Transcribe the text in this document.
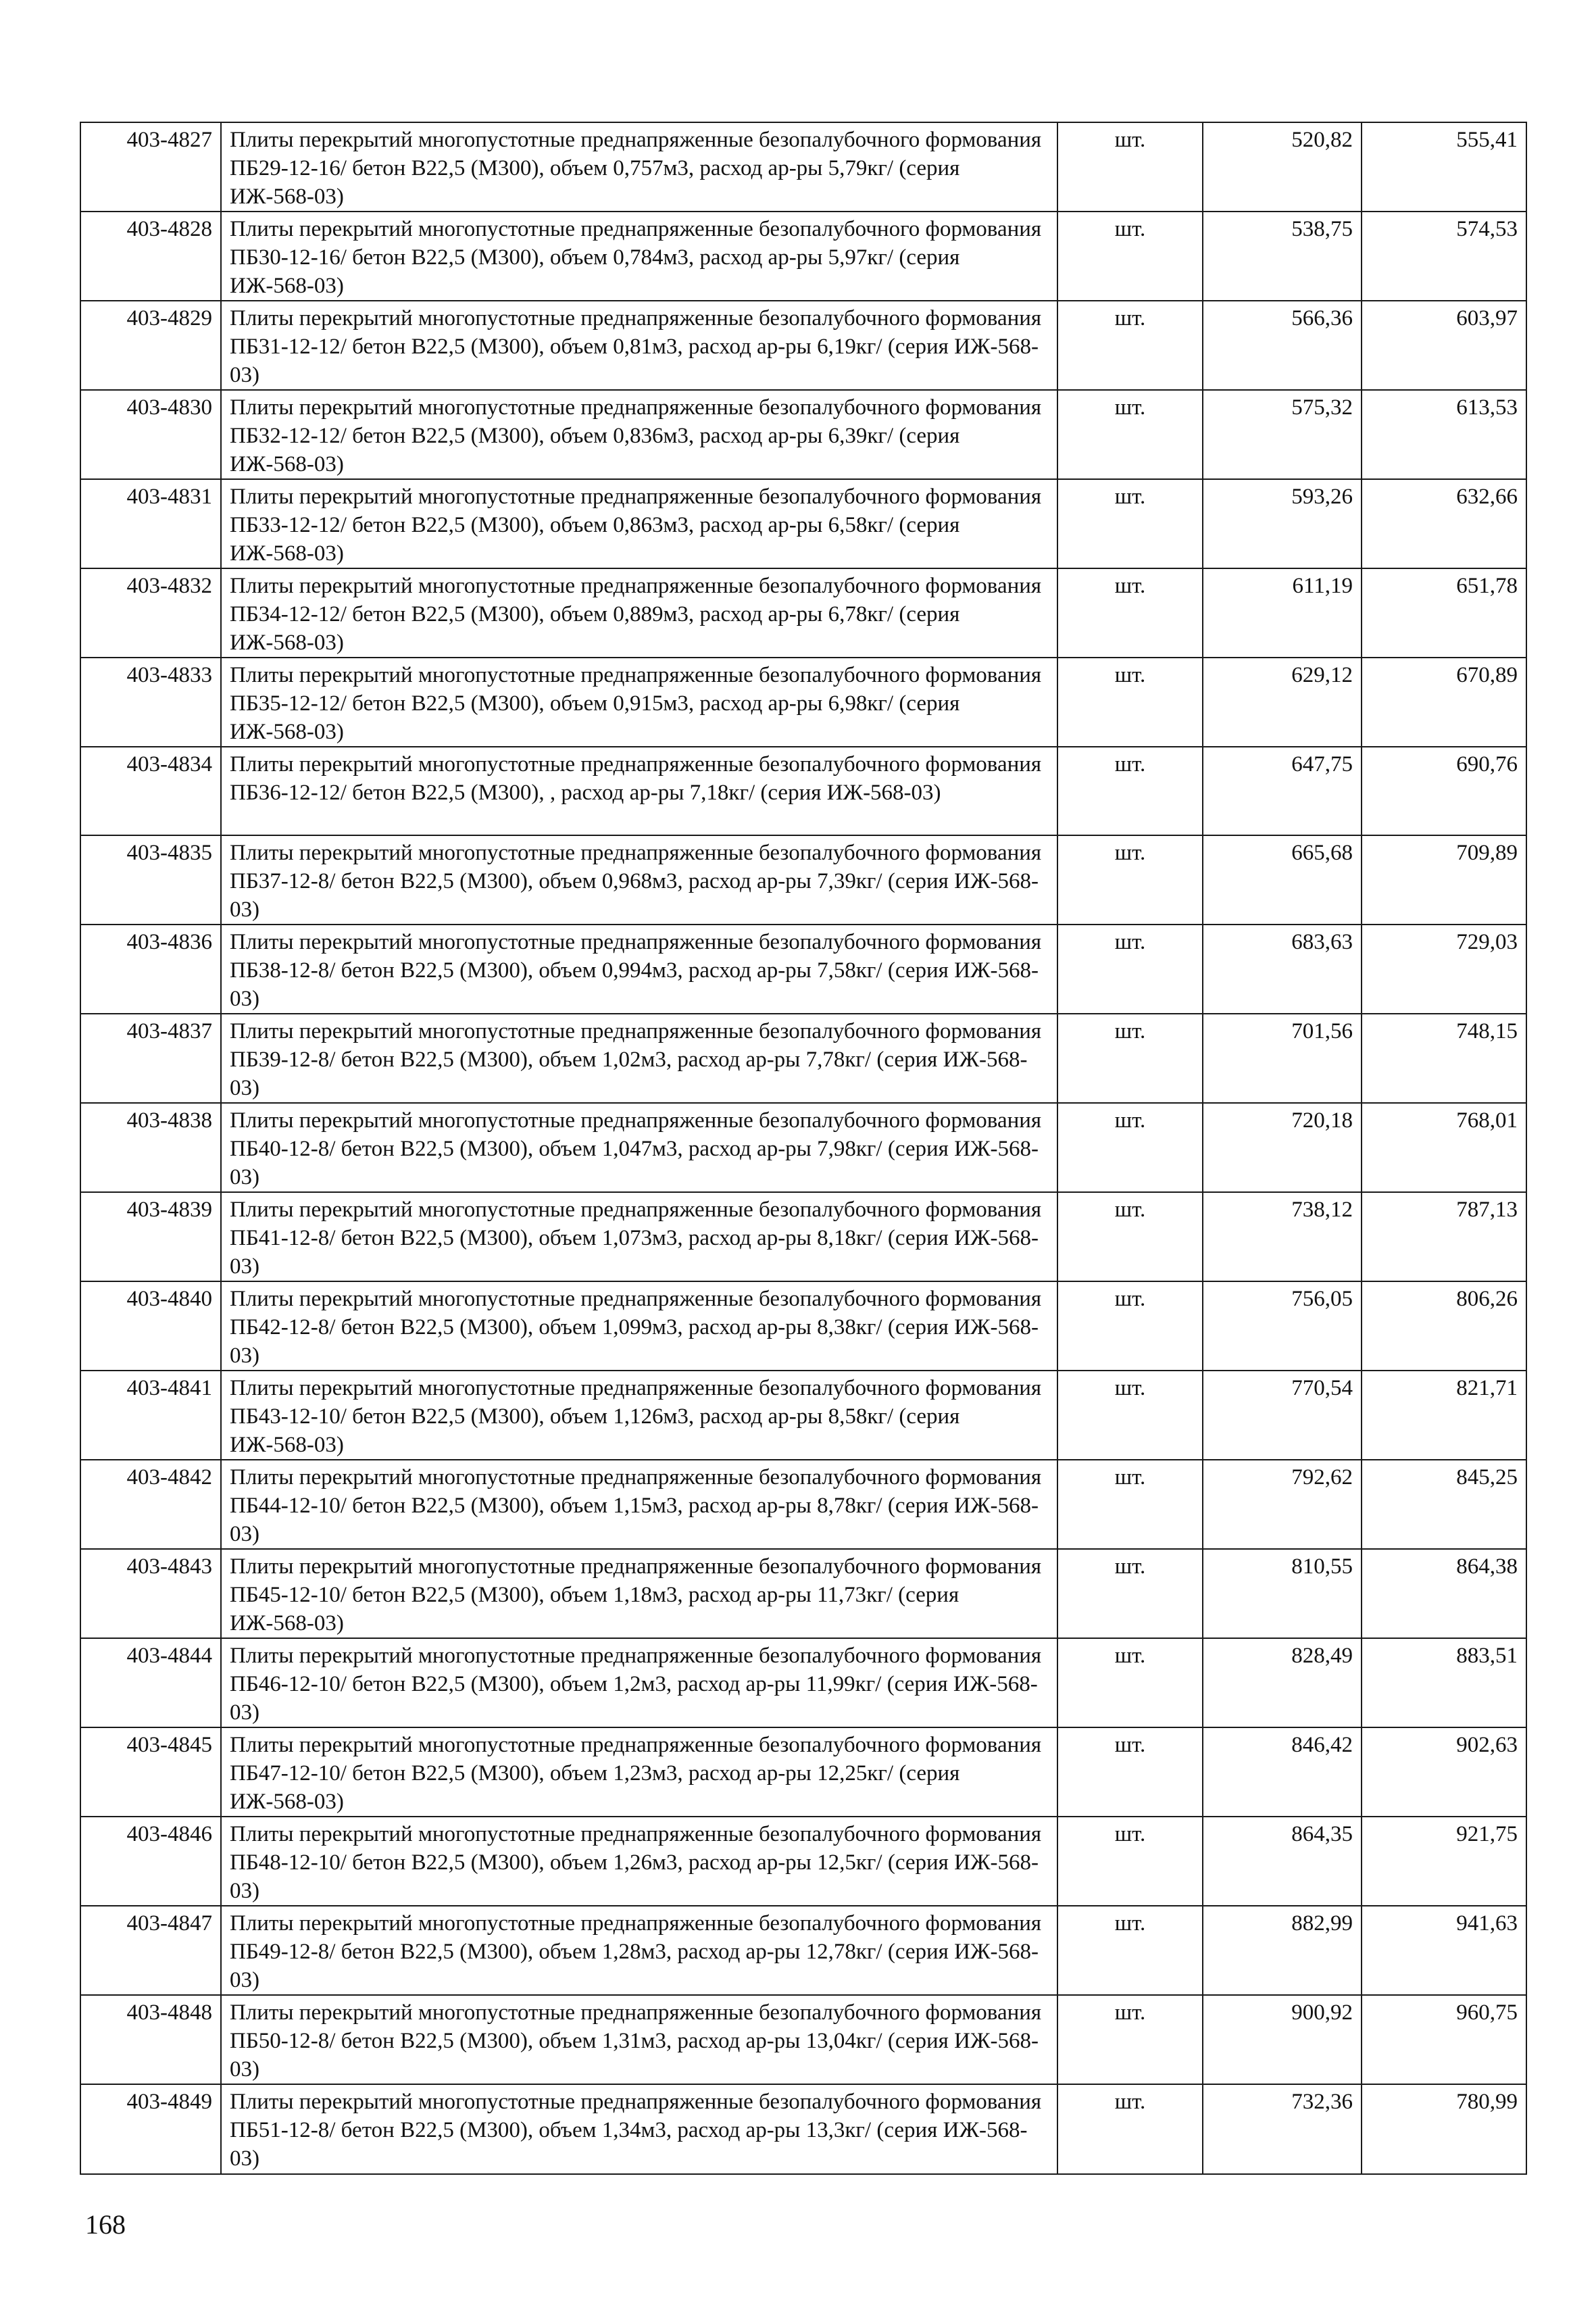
403-4827	Плиты перекрытий многопустотные преднапряженные безопалубочного формования ПБ29-12-16/ бетон В22,5 (М300), объем 0,757м3, расход ар-ры 5,79кг/ (серия ИЖ-568-03)	шт.	520,82	555,41
403-4828	Плиты перекрытий многопустотные преднапряженные безопалубочного формования ПБ30-12-16/ бетон В22,5 (М300), объем 0,784м3, расход ар-ры 5,97кг/ (серия ИЖ-568-03)	шт.	538,75	574,53
403-4829	Плиты перекрытий многопустотные преднапряженные безопалубочного формования ПБ31-12-12/ бетон В22,5 (М300), объем 0,81м3, расход ар-ры 6,19кг/ (серия ИЖ-568-03)	шт.	566,36	603,97
403-4830	Плиты перекрытий многопустотные преднапряженные безопалубочного формования ПБ32-12-12/ бетон В22,5 (М300), объем 0,836м3, расход ар-ры 6,39кг/ (серия ИЖ-568-03)	шт.	575,32	613,53
403-4831	Плиты перекрытий многопустотные преднапряженные безопалубочного формования ПБ33-12-12/ бетон В22,5 (М300), объем 0,863м3, расход ар-ры 6,58кг/ (серия ИЖ-568-03)	шт.	593,26	632,66
403-4832	Плиты перекрытий многопустотные преднапряженные безопалубочного формования ПБ34-12-12/ бетон В22,5 (М300), объем 0,889м3, расход ар-ры 6,78кг/ (серия ИЖ-568-03)	шт.	611,19	651,78
403-4833	Плиты перекрытий многопустотные преднапряженные безопалубочного формования ПБ35-12-12/ бетон В22,5 (М300), объем 0,915м3, расход ар-ры 6,98кг/ (серия ИЖ-568-03)	шт.	629,12	670,89
403-4834	Плиты перекрытий многопустотные преднапряженные безопалубочного формования ПБ36-12-12/ бетон В22,5 (М300), , расход ар-ры 7,18кг/ (серия ИЖ-568-03)	шт.	647,75	690,76
403-4835	Плиты перекрытий многопустотные преднапряженные безопалубочного формования ПБ37-12-8/ бетон В22,5 (М300), объем 0,968м3, расход ар-ры 7,39кг/ (серия ИЖ-568-03)	шт.	665,68	709,89
403-4836	Плиты перекрытий многопустотные преднапряженные безопалубочного формования ПБ38-12-8/ бетон В22,5 (М300), объем 0,994м3, расход ар-ры 7,58кг/ (серия ИЖ-568-03)	шт.	683,63	729,03
403-4837	Плиты перекрытий многопустотные преднапряженные безопалубочного формования ПБ39-12-8/ бетон В22,5 (М300), объем 1,02м3, расход ар-ры 7,78кг/ (серия ИЖ-568-03)	шт.	701,56	748,15
403-4838	Плиты перекрытий многопустотные преднапряженные безопалубочного формования ПБ40-12-8/ бетон В22,5 (М300), объем 1,047м3, расход ар-ры 7,98кг/ (серия ИЖ-568-03)	шт.	720,18	768,01
403-4839	Плиты перекрытий многопустотные преднапряженные безопалубочного формования ПБ41-12-8/ бетон В22,5 (М300), объем 1,073м3, расход ар-ры 8,18кг/ (серия ИЖ-568-03)	шт.	738,12	787,13
403-4840	Плиты перекрытий многопустотные преднапряженные безопалубочного формования ПБ42-12-8/ бетон В22,5 (М300), объем 1,099м3, расход ар-ры 8,38кг/ (серия ИЖ-568-03)	шт.	756,05	806,26
403-4841	Плиты перекрытий многопустотные преднапряженные безопалубочного формования ПБ43-12-10/ бетон В22,5 (М300), объем 1,126м3, расход ар-ры 8,58кг/ (серия ИЖ-568-03)	шт.	770,54	821,71
403-4842	Плиты перекрытий многопустотные преднапряженные безопалубочного формования ПБ44-12-10/ бетон В22,5 (М300), объем 1,15м3, расход ар-ры 8,78кг/ (серия ИЖ-568-03)	шт.	792,62	845,25
403-4843	Плиты перекрытий многопустотные преднапряженные безопалубочного формования ПБ45-12-10/ бетон В22,5 (М300), объем 1,18м3, расход ар-ры 11,73кг/ (серия ИЖ-568-03)	шт.	810,55	864,38
403-4844	Плиты перекрытий многопустотные преднапряженные безопалубочного формования ПБ46-12-10/ бетон В22,5 (М300), объем 1,2м3, расход ар-ры 11,99кг/ (серия ИЖ-568-03)	шт.	828,49	883,51
403-4845	Плиты перекрытий многопустотные преднапряженные безопалубочного формования ПБ47-12-10/ бетон В22,5 (М300), объем 1,23м3, расход ар-ры 12,25кг/ (серия ИЖ-568-03)	шт.	846,42	902,63
403-4846	Плиты перекрытий многопустотные преднапряженные безопалубочного формования ПБ48-12-10/ бетон В22,5 (М300), объем 1,26м3, расход ар-ры 12,5кг/ (серия ИЖ-568-03)	шт.	864,35	921,75
403-4847	Плиты перекрытий многопустотные преднапряженные безопалубочного формования ПБ49-12-8/ бетон В22,5 (М300), объем 1,28м3, расход ар-ры 12,78кг/ (серия ИЖ-568-03)	шт.	882,99	941,63
403-4848	Плиты перекрытий многопустотные преднапряженные безопалубочного формования ПБ50-12-8/ бетон В22,5 (М300), объем 1,31м3, расход ар-ры 13,04кг/ (серия ИЖ-568-03)	шт.	900,92	960,75
403-4849	Плиты перекрытий многопустотные преднапряженные безопалубочного формования ПБ51-12-8/ бетон В22,5 (М300), объем 1,34м3, расход ар-ры 13,3кг/ (серия ИЖ-568-03)	шт.	732,36	780,99
168
